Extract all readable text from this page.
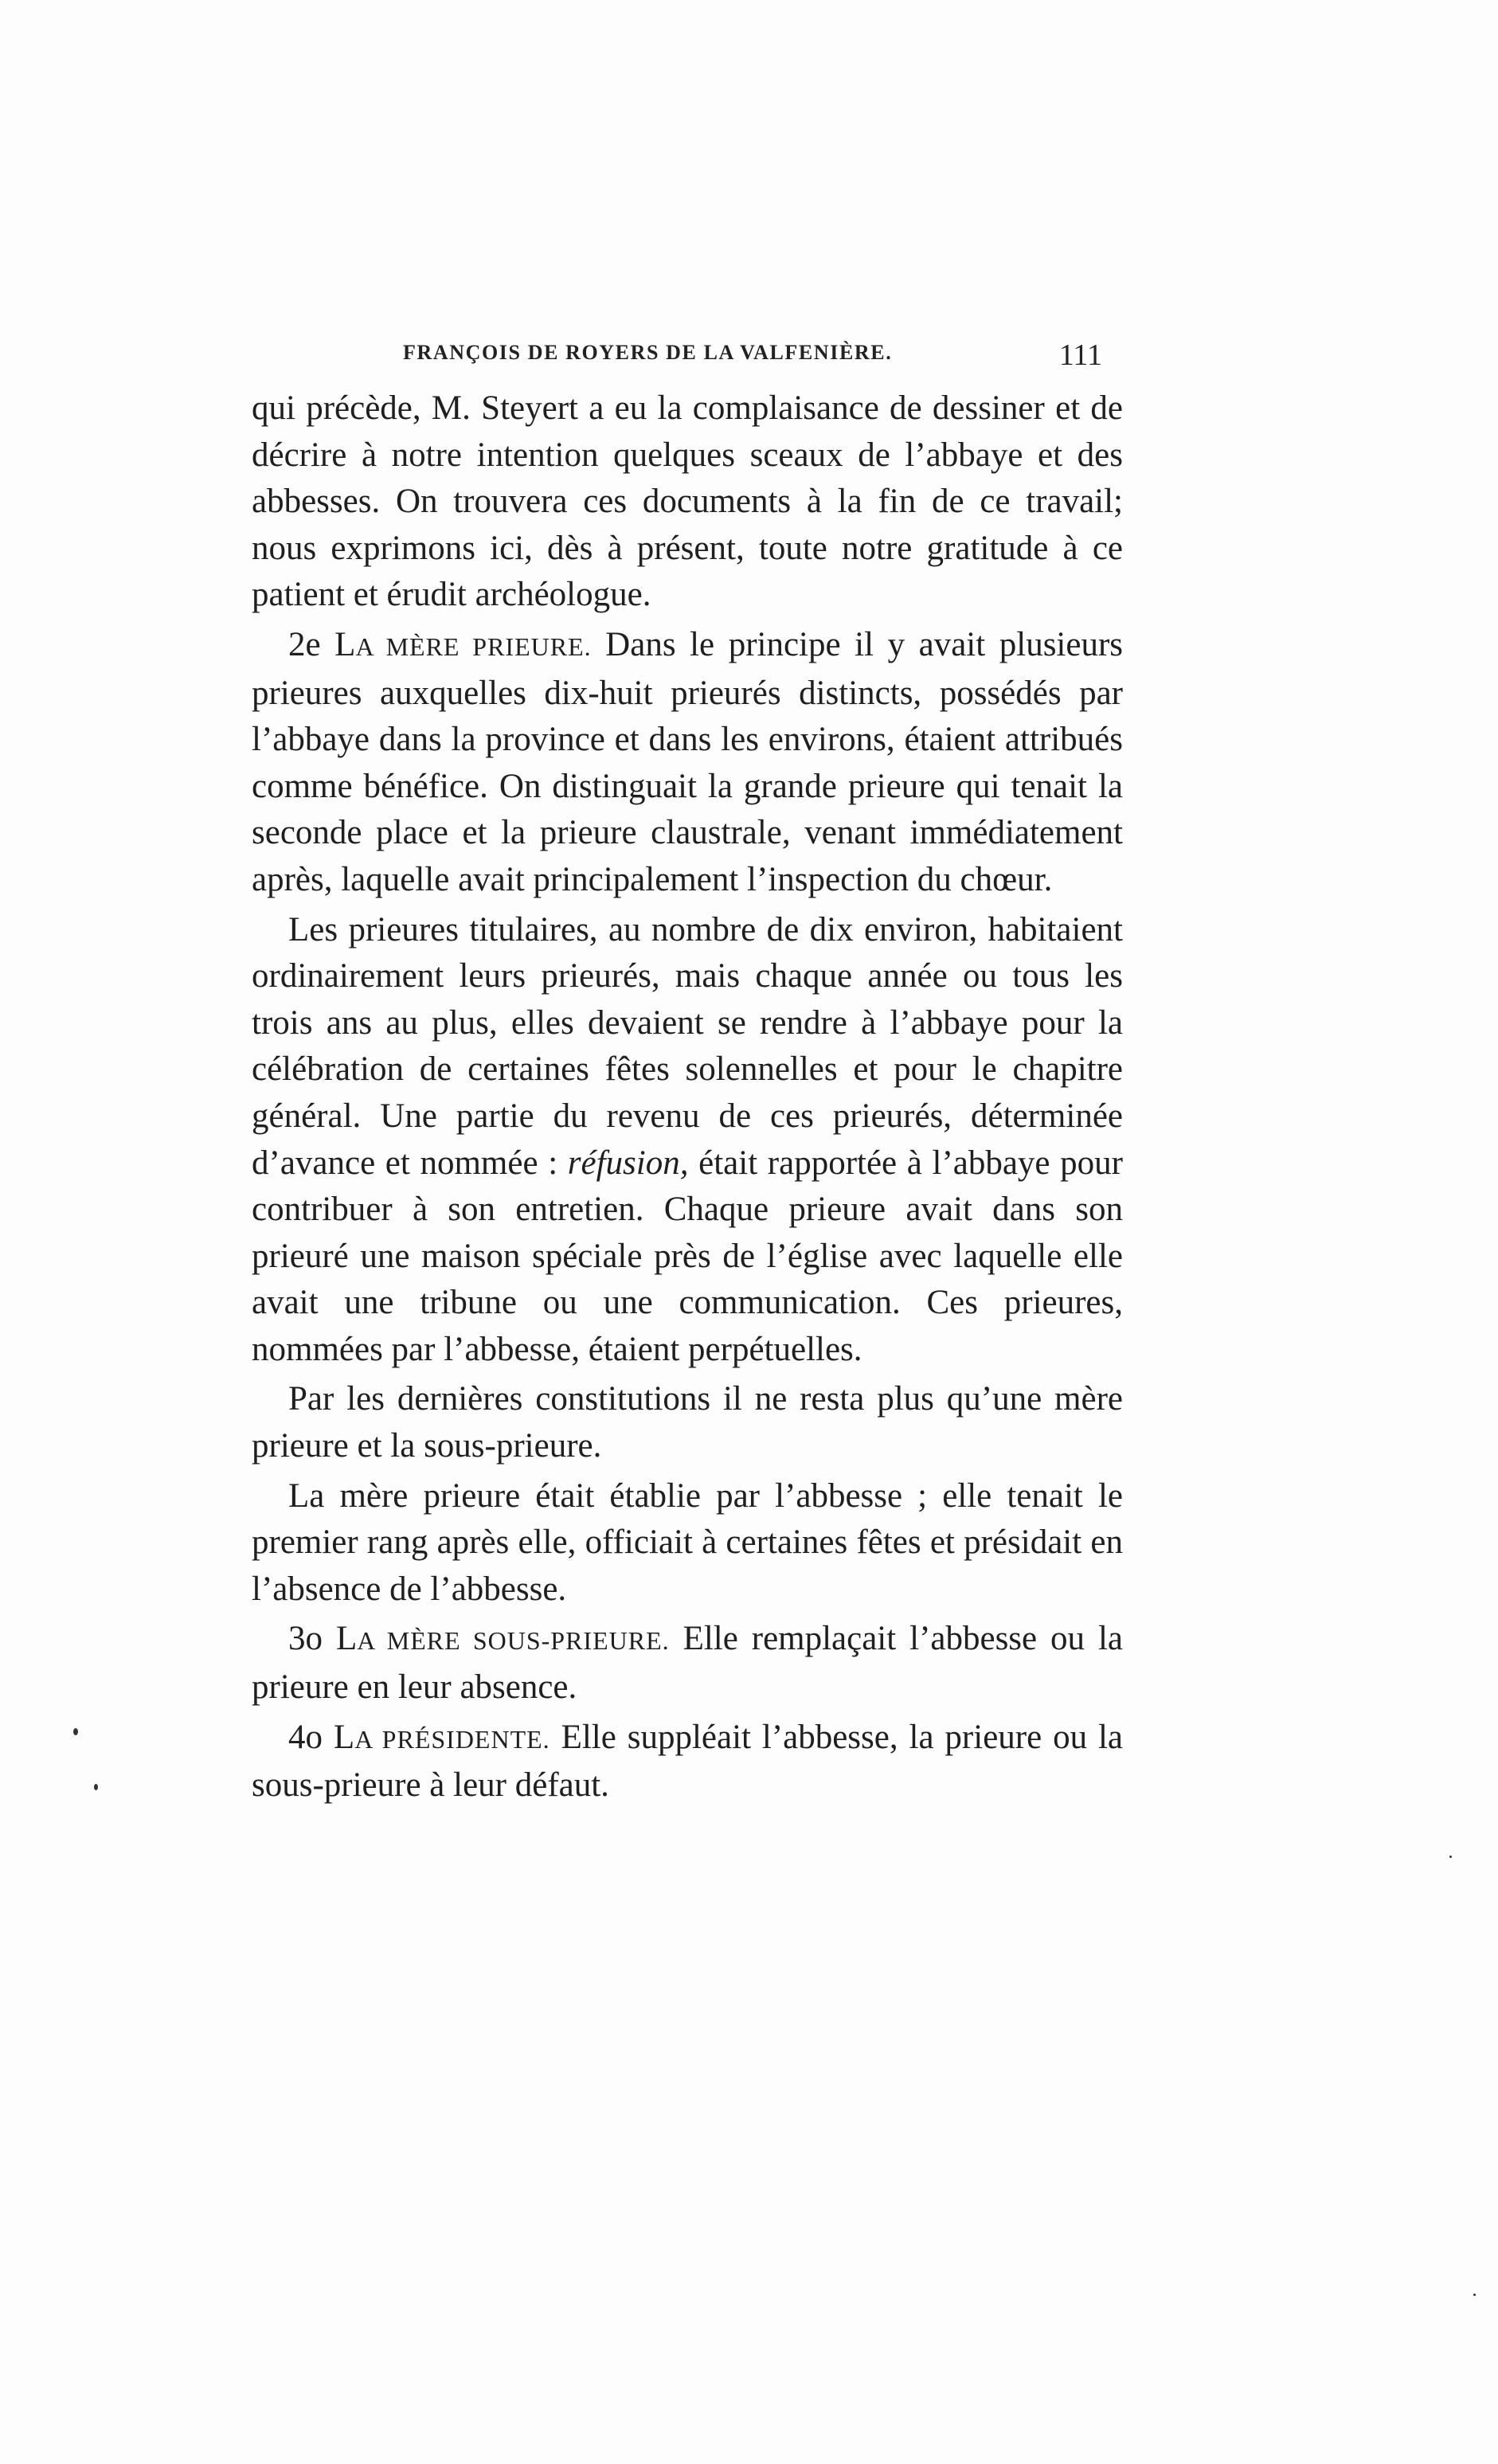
FRANÇOIS DE ROYERS DE LA VALFENIÈRE.	111

qui précède, M. Steyert a eu la complaisance de dessiner et de décrire à notre intention quelques sceaux de l’abbaye et des abbesses. On trouvera ces documents à la fin de ce travail; nous exprimons ici, dès à présent, toute notre gratitude à ce patient et érudit archéologue.

2e LA MÈRE PRIEURE. Dans le principe il y avait plusieurs prieures auxquelles dix-huit prieurés distincts, possédés par l’abbaye dans la province et dans les environs, étaient attribués comme bénéfice. On distinguait la grande prieure qui tenait la seconde place et la prieure claustrale, venant immédiatement après, laquelle avait principalement l’inspection du chœur.

Les prieures titulaires, au nombre de dix environ, habitaient ordinairement leurs prieurés, mais chaque année ou tous les trois ans au plus, elles devaient se rendre à l’abbaye pour la célébration de certaines fêtes solennelles et pour le chapitre général. Une partie du revenu de ces prieurés, déterminée d’avance et nommée : réfusion, était rapportée à l’abbaye pour contribuer à son entretien. Chaque prieure avait dans son prieuré une maison spéciale près de l’église avec laquelle elle avait une tribune ou une communication. Ces prieures, nommées par l’abbesse, étaient perpétuelles.

Par les dernières constitutions il ne resta plus qu’une mère prieure et la sous-prieure.

La mère prieure était établie par l’abbesse ; elle tenait le premier rang après elle, officiait à certaines fêtes et présidait en l’absence de l’abbesse.

3o LA MÈRE SOUS-PRIEURE. Elle remplaçait l’abbesse ou la prieure en leur absence.

4o LA PRÉSIDENTE. Elle suppléait l’abbesse, la prieure ou la sous-prieure à leur défaut.
